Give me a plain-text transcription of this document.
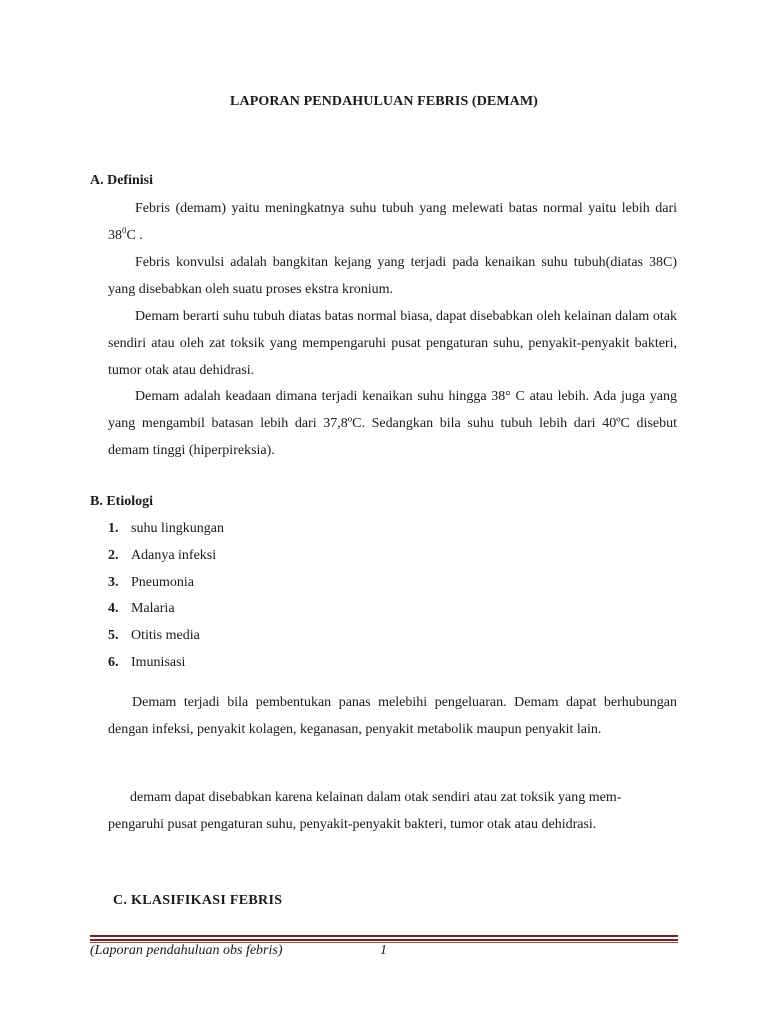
LAPORAN PENDAHULUAN FEBRIS (DEMAM)
A. Definisi

Febris (demam) yaitu meningkatnya suhu tubuh yang melewati batas normal yaitu lebih dari $38^0C$ .

Febris konvulsi adalah bangkitan kejang yang terjadi pada kenaikan suhu tubuh(diatas 38C) yang disebabkan oleh suatu proses ekstra kronium.

Demam berarti suhu tubuh diatas batas normal biasa, dapat disebabkan oleh kelainan dalam otak sendiri atau oleh zat toksik yang mempengaruhi pusat pengaturan suhu, penyakit-penyakit bakteri, tumor otak atau dehidrasi.

Demam adalah keadaan dimana terjadi kenaikan suhu hingga 38° C atau lebih. Ada juga yang yang mengambil batasan lebih dari 37,8ºC. Sedangkan bila suhu tubuh lebih dari 40ºC disebut demam tinggi (hiperpireksia).

B. Etiologi
1. suhu lingkungan
2. Adanya infeksi
3. Pneumonia
4. Malaria
5. Otitis media
6. Imunisasi

Demam terjadi bila pembentukan panas melebihi pengeluaran. Demam dapat berhubungan dengan infeksi, penyakit kolagen, keganasan, penyakit metabolik maupun penyakit lain.

demam dapat disebabkan karena kelainan dalam otak sendiri atau zat toksik yang mem-
pengaruhi pusat pengaturan suhu, penyakit-penyakit bakteri, tumor otak atau dehidrasi.
C. KLASIFIKASI FEBRIS
(Laporan pendahuluan obs febris)	1
